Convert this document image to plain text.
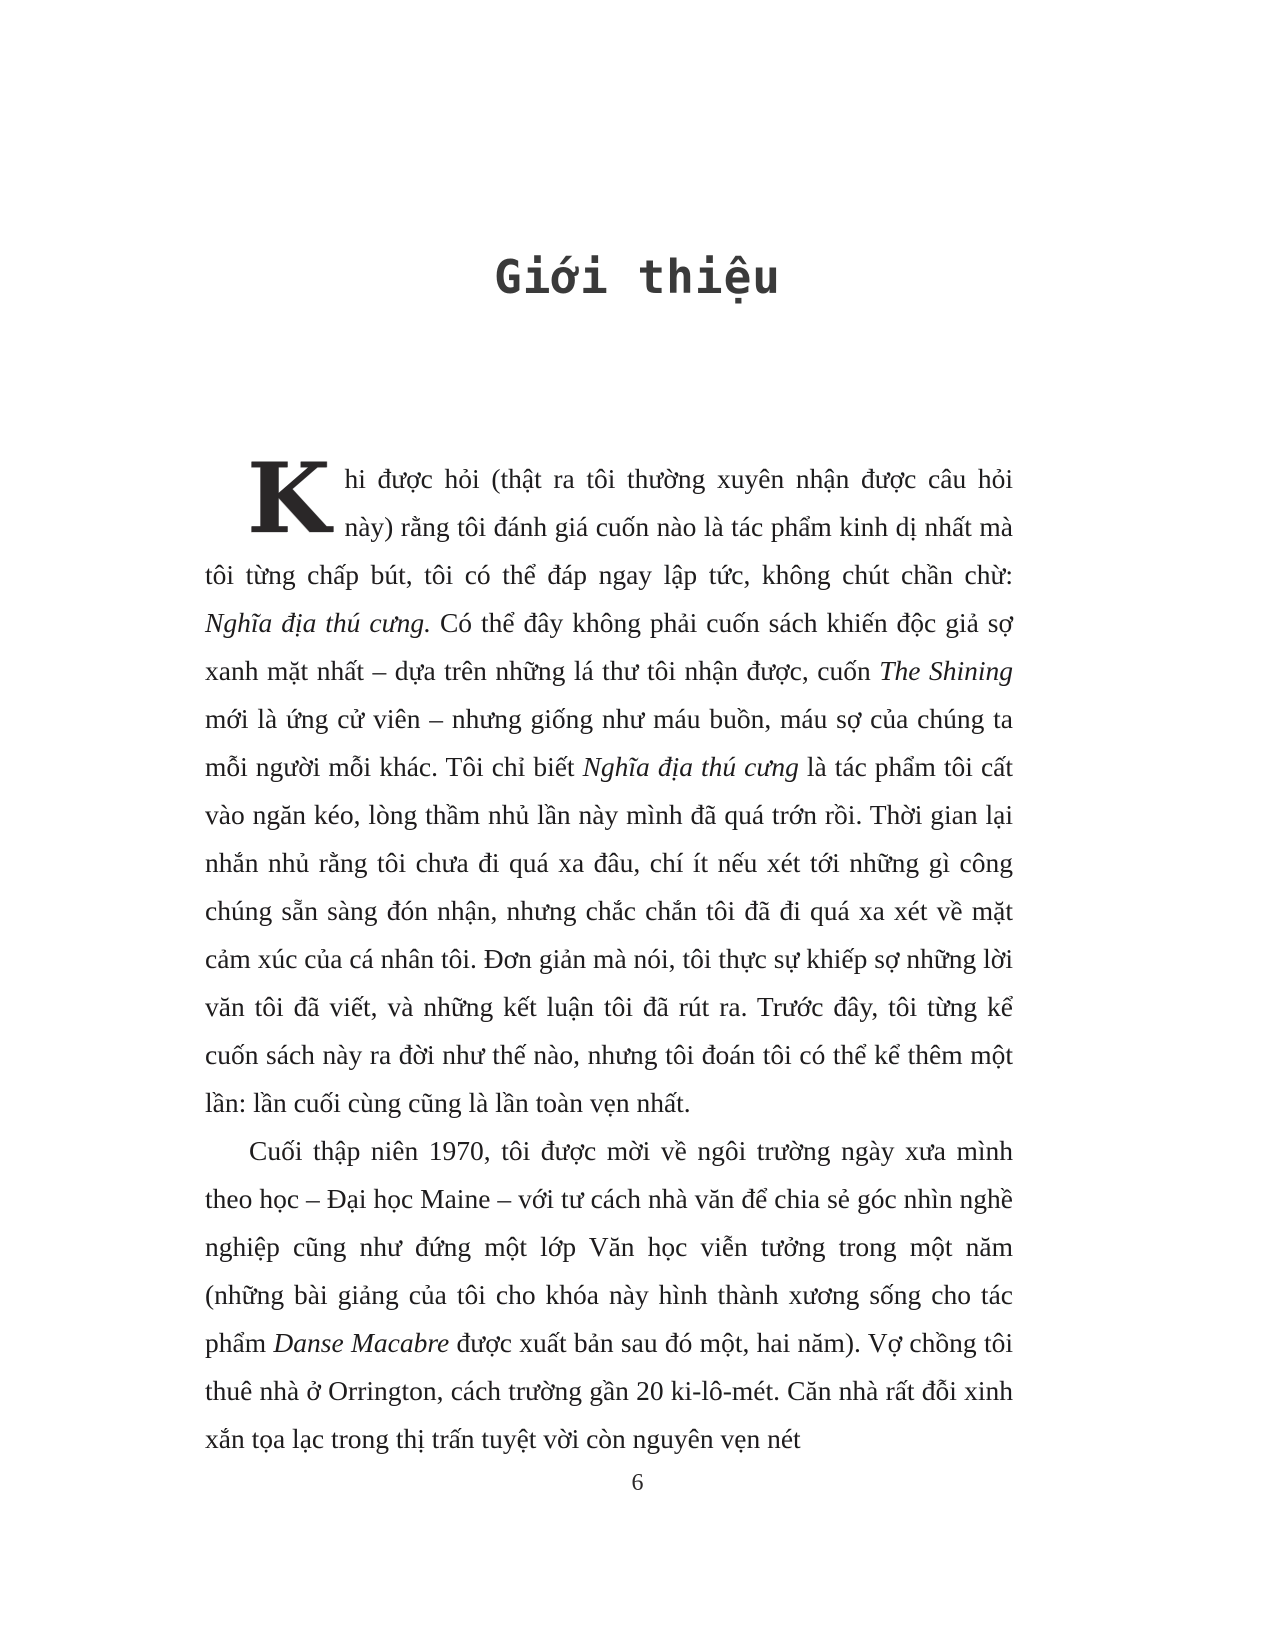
Giới thiệu

Khi được hỏi (thật ra tôi thường xuyên nhận được câu hỏi này) rằng tôi đánh giá cuốn nào là tác phẩm kinh dị nhất mà tôi từng chấp bút, tôi có thể đáp ngay lập tức, không chút chần chừ: Nghĩa địa thú cưng. Có thể đây không phải cuốn sách khiến độc giả sợ xanh mặt nhất – dựa trên những lá thư tôi nhận được, cuốn The Shining mới là ứng cử viên – nhưng giống như máu buồn, máu sợ của chúng ta mỗi người mỗi khác. Tôi chỉ biết Nghĩa địa thú cưng là tác phẩm tôi cất vào ngăn kéo, lòng thầm nhủ lần này mình đã quá trớn rồi. Thời gian lại nhắn nhủ rằng tôi chưa đi quá xa đâu, chí ít nếu xét tới những gì công chúng sẵn sàng đón nhận, nhưng chắc chắn tôi đã đi quá xa xét về mặt cảm xúc của cá nhân tôi. Đơn giản mà nói, tôi thực sự khiếp sợ những lời văn tôi đã viết, và những kết luận tôi đã rút ra. Trước đây, tôi từng kể cuốn sách này ra đời như thế nào, nhưng tôi đoán tôi có thể kể thêm một lần: lần cuối cùng cũng là lần toàn vẹn nhất.

Cuối thập niên 1970, tôi được mời về ngôi trường ngày xưa mình theo học – Đại học Maine – với tư cách nhà văn để chia sẻ góc nhìn nghề nghiệp cũng như đứng một lớp Văn học viễn tưởng trong một năm (những bài giảng của tôi cho khóa này hình thành xương sống cho tác phẩm Danse Macabre được xuất bản sau đó một, hai năm). Vợ chồng tôi thuê nhà ở Orrington, cách trường gần 20 ki-lô-mét. Căn nhà rất đỗi xinh xắn tọa lạc trong thị trấn tuyệt vời còn nguyên vẹn nét

6
